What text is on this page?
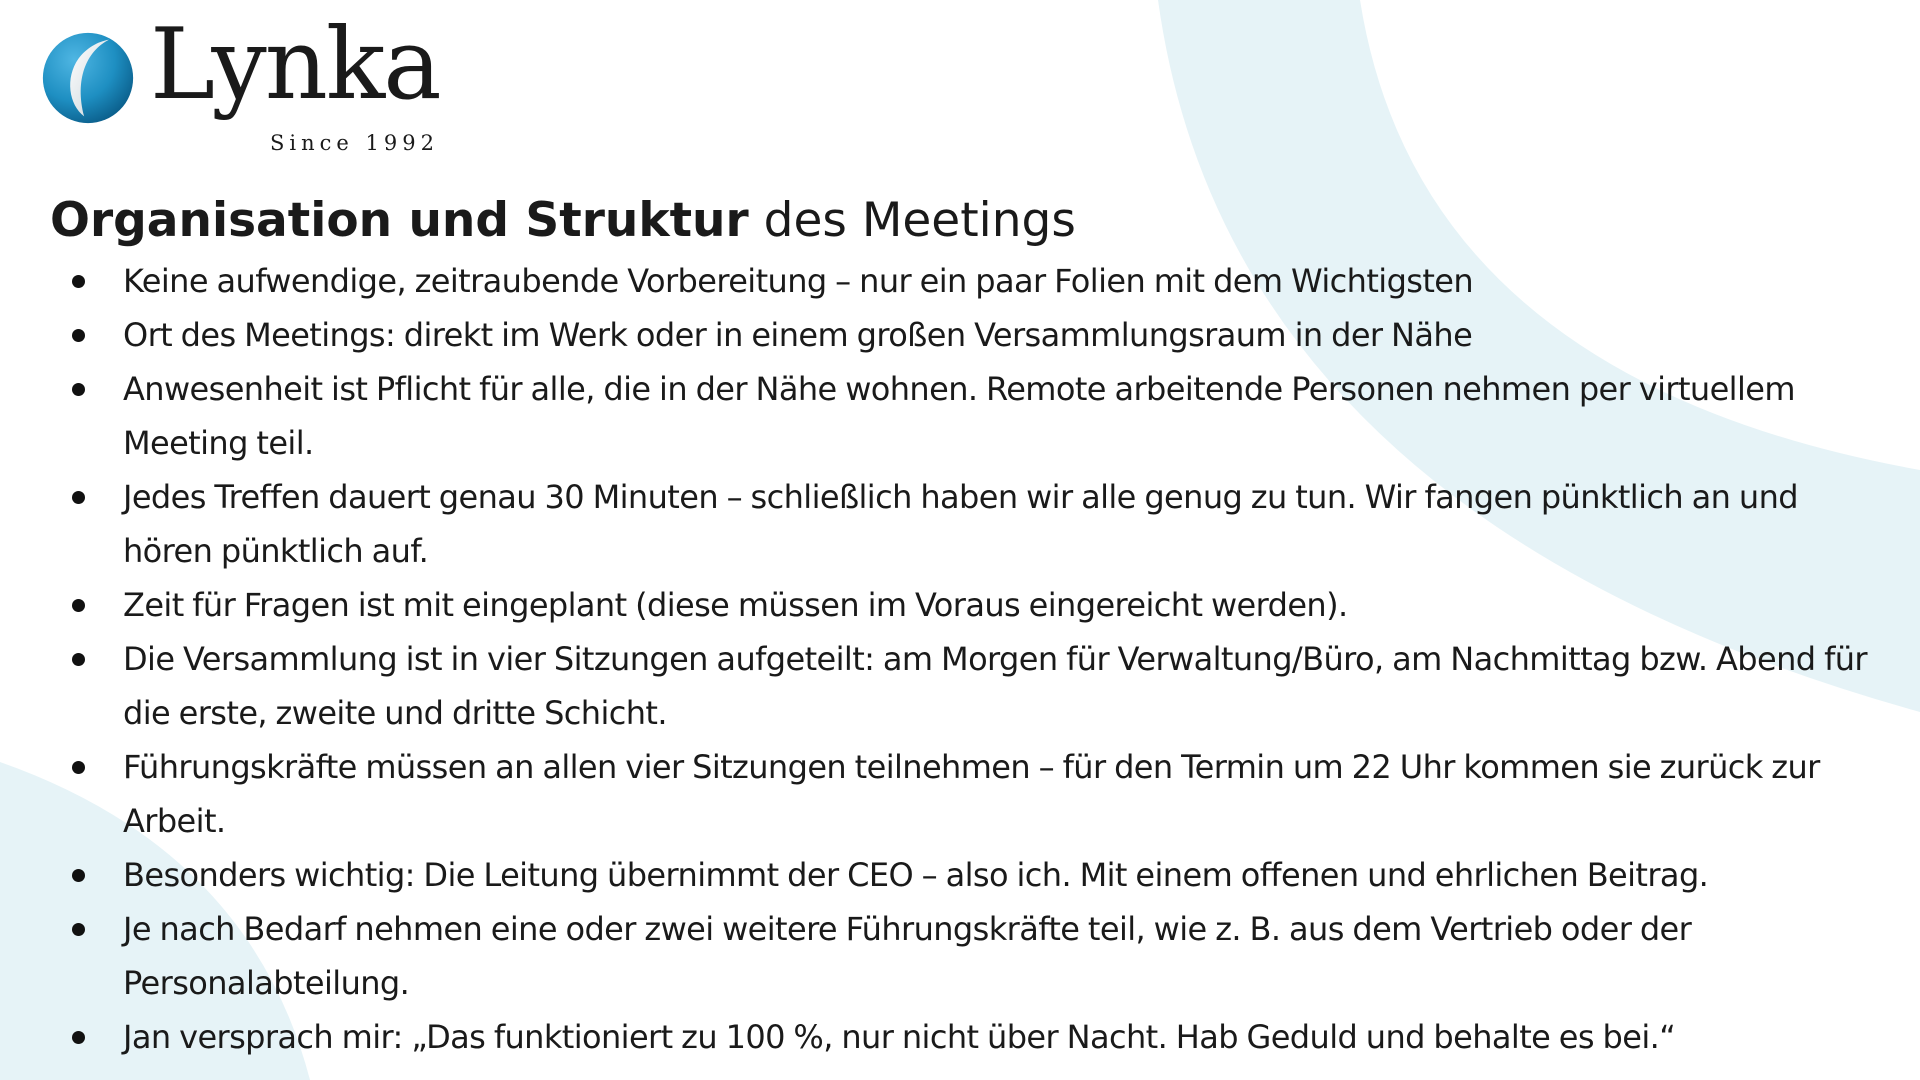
Lynka
Since 1992
Organisation und Struktur des Meetings
Keine aufwendige, zeitraubende Vorbereitung – nur ein paar Folien mit dem Wichtigsten
Ort des Meetings: direkt im Werk oder in einem großen Versammlungsraum in der Nähe
Anwesenheit ist Pflicht für alle, die in der Nähe wohnen. Remote arbeitende Personen nehmen per virtuellem Meeting teil.
Jedes Treffen dauert genau 30 Minuten – schließlich haben wir alle genug zu tun. Wir fangen pünktlich an und hören pünktlich auf.
Zeit für Fragen ist mit eingeplant (diese müssen im Voraus eingereicht werden).
Die Versammlung ist in vier Sitzungen aufgeteilt: am Morgen für Verwaltung/Büro, am Nachmittag bzw. Abend für die erste, zweite und dritte Schicht.
Führungskräfte müssen an allen vier Sitzungen teilnehmen – für den Termin um 22 Uhr kommen sie zurück zur Arbeit.
Besonders wichtig: Die Leitung übernimmt der CEO – also ich. Mit einem offenen und ehrlichen Beitrag.
Je nach Bedarf nehmen eine oder zwei weitere Führungskräfte teil, wie z. B. aus dem Vertrieb oder der Personalabteilung.
Jan versprach mir: „Das funktioniert zu 100 %, nur nicht über Nacht. Hab Geduld und behalte es bei.“
